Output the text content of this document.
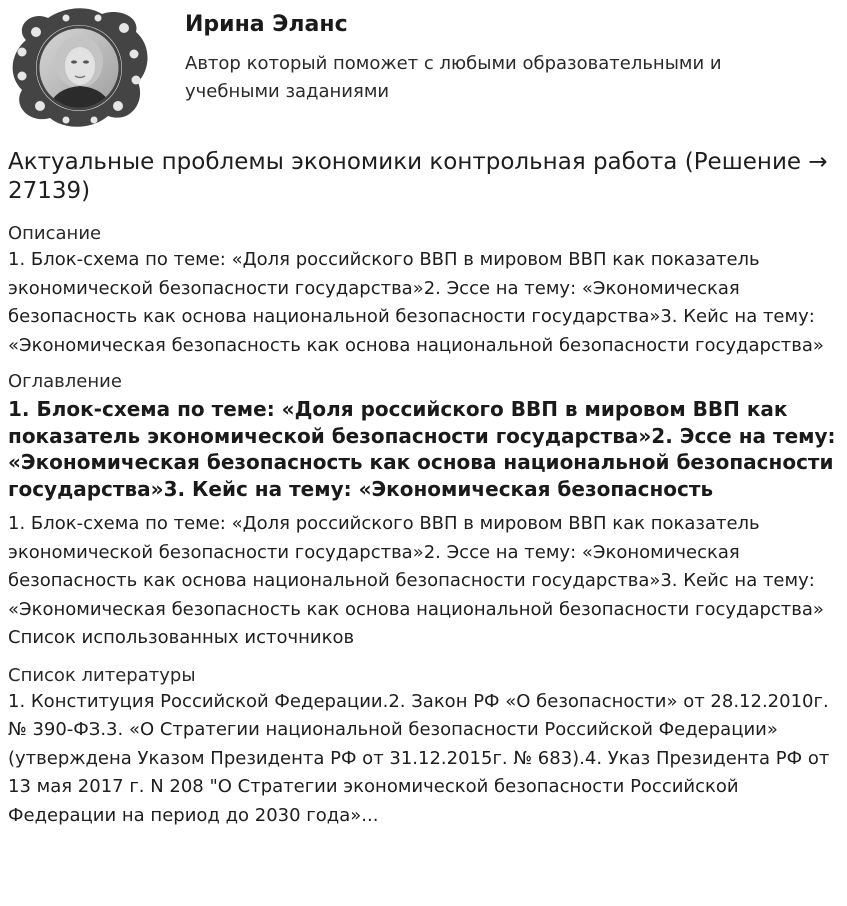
Ирина Эланс
Автор который поможет с любыми образовательными и учебными заданиями
Актуальные проблемы экономики контрольная работа (Решение → 27139)
Описание
1. Блок-схема по теме: «Доля российского ВВП в мировом ВВП как показатель экономической безопасности государства»2. Эссе на тему: «Экономическая безопасность как основа национальной безопасности государства»3. Кейс на тему: «Экономическая безопасность как основа национальной безопасности государства»
Оглавление
1. Блок-схема по теме: «Доля российского ВВП в мировом ВВП как показатель экономической безопасности государства»2. Эссе на тему: «Экономическая безопасность как основа национальной безопасности государства»3. Кейс на тему: «Экономическая безопасность
1. Блок-схема по теме: «Доля российского ВВП в мировом ВВП как показатель экономической безопасности государства»2. Эссе на тему: «Экономическая безопасность как основа национальной безопасности государства»3. Кейс на тему: «Экономическая безопасность как основа национальной безопасности государства» Список использованных источников
Список литературы
1. Конституция Российской Федерации.2. Закон РФ «О безопасности» от 28.12.2010г. № 390-ФЗ.3. «О Стратегии национальной безопасности Российской Федерации» (утверждена Указом Президента РФ от 31.12.2015г. № 683).4. Указ Президента РФ от 13 мая 2017 г. N 208 "О Стратегии экономической безопасности Российской Федерации на период до 2030 года»...
